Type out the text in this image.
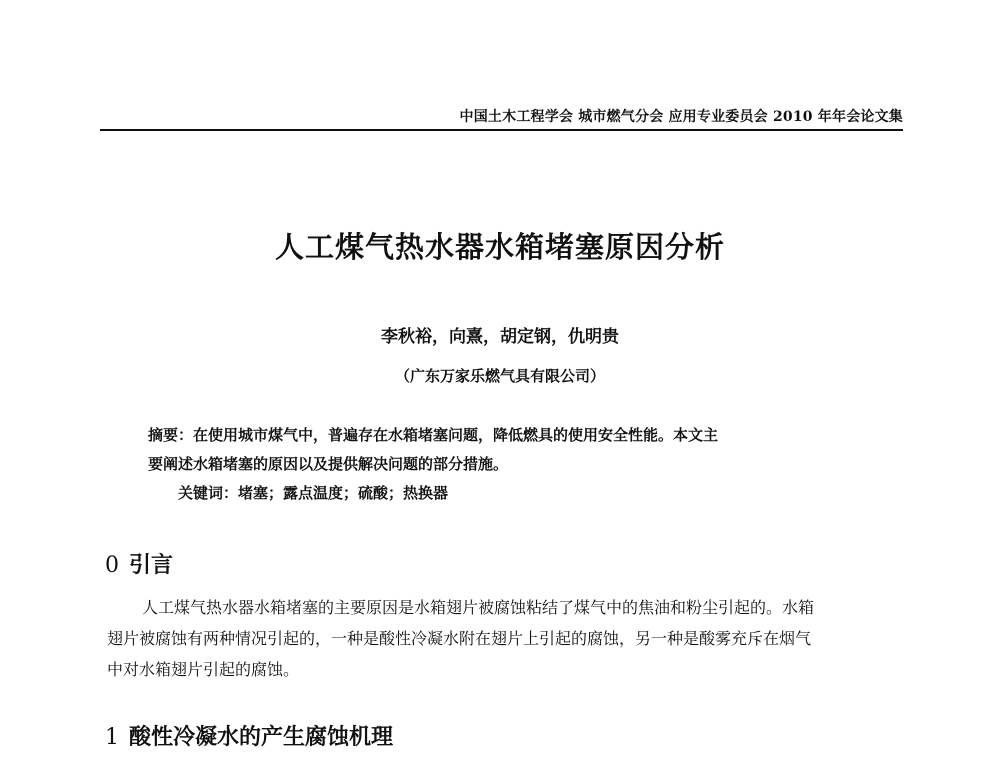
中国土木工程学会 城市燃气分会 应用专业委员会 2010 年年会论文集
人工煤气热水器水箱堵塞原因分析
李秋裕，向熹，胡定钢，仇明贵
（广东万家乐燃气具有限公司）
摘要：在使用城市煤气中，普遍存在水箱堵塞问题，降低燃具的使用安全性能。本文主
要阐述水箱堵塞的原因以及提供解决问题的部分措施。
关键词：堵塞；露点温度；硫酸；热换器
0 引言
人工煤气热水器水箱堵塞的主要原因是水箱翅片被腐蚀粘结了煤气中的焦油和粉尘引起的。水箱
翅片被腐蚀有两种情况引起的，一种是酸性冷凝水附在翅片上引起的腐蚀，另一种是酸雾充斥在烟气
中对水箱翅片引起的腐蚀。
1 酸性冷凝水的产生腐蚀机理
